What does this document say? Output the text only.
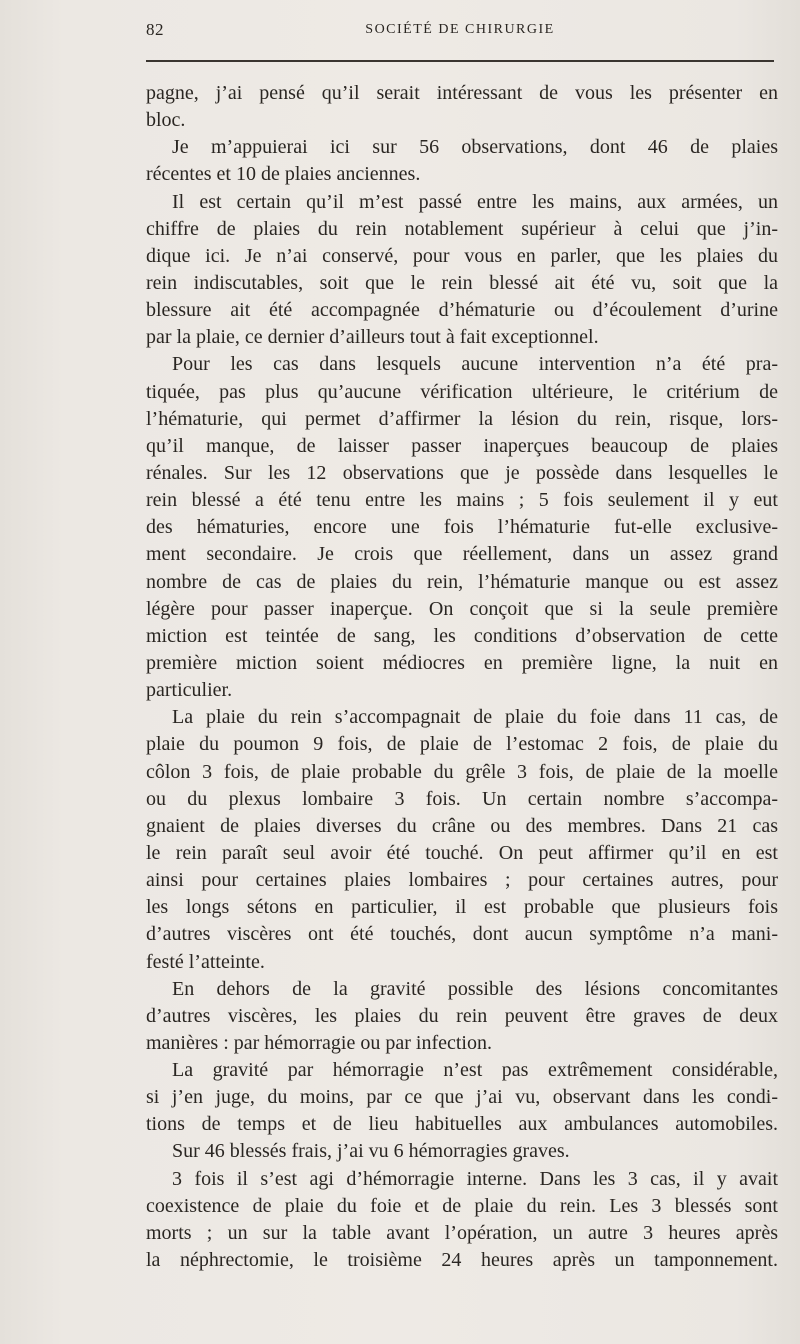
82	SOCIÉTÉ DE CHIRURGIE
pagne, j’ai pensé qu’il serait intéressant de vous les présenter en
bloc.
Je m’appuierai ici sur 56 observations, dont 46 de plaies
récentes et 10 de plaies anciennes.
Il est certain qu’il m’est passé entre les mains, aux armées, un
chiffre de plaies du rein notablement supérieur à celui que j’in-
dique ici. Je n’ai conservé, pour vous en parler, que les plaies du
rein indiscutables, soit que le rein blessé ait été vu, soit que la
blessure ait été accompagnée d’hématurie ou d’écoulement d’urine
par la plaie, ce dernier d’ailleurs tout à fait exceptionnel.
Pour les cas dans lesquels aucune intervention n’a été pra-
tiquée, pas plus qu’aucune vérification ultérieure, le critérium de
l’hématurie, qui permet d’affirmer la lésion du rein, risque, lors-
qu’il manque, de laisser passer inaperçues beaucoup de plaies
rénales. Sur les 12 observations que je possède dans lesquelles le
rein blessé a été tenu entre les mains ; 5 fois seulement il y eut
des hématuries, encore une fois l’hématurie fut-elle exclusive-
ment secondaire. Je crois que réellement, dans un assez grand
nombre de cas de plaies du rein, l’hématurie manque ou est assez
légère pour passer inaperçue. On conçoit que si la seule première
miction est teintée de sang, les conditions d’observation de cette
première miction soient médiocres en première ligne, la nuit en
particulier.
La plaie du rein s’accompagnait de plaie du foie dans 11 cas, de
plaie du poumon 9 fois, de plaie de l’estomac 2 fois, de plaie du
côlon 3 fois, de plaie probable du grêle 3 fois, de plaie de la moelle
ou du plexus lombaire 3 fois. Un certain nombre s’accompa-
gnaient de plaies diverses du crâne ou des membres. Dans 21 cas
le rein paraît seul avoir été touché. On peut affirmer qu’il en est
ainsi pour certaines plaies lombaires ; pour certaines autres, pour
les longs sétons en particulier, il est probable que plusieurs fois
d’autres viscères ont été touchés, dont aucun symptôme n’a mani-
festé l’atteinte.
En dehors de la gravité possible des lésions concomitantes
d’autres viscères, les plaies du rein peuvent être graves de deux
manières : par hémorragie ou par infection.
La gravité par hémorragie n’est pas extrêmement considérable,
si j’en juge, du moins, par ce que j’ai vu, observant dans les condi-
tions de temps et de lieu habituelles aux ambulances automobiles.
Sur 46 blessés frais, j’ai vu 6 hémorragies graves.
3 fois il s’est agi d’hémorragie interne. Dans les 3 cas, il y avait
coexistence de plaie du foie et de plaie du rein. Les 3 blessés sont
morts ; un sur la table avant l’opération, un autre 3 heures après
la néphrectomie, le troisième 24 heures après un tamponnement.
